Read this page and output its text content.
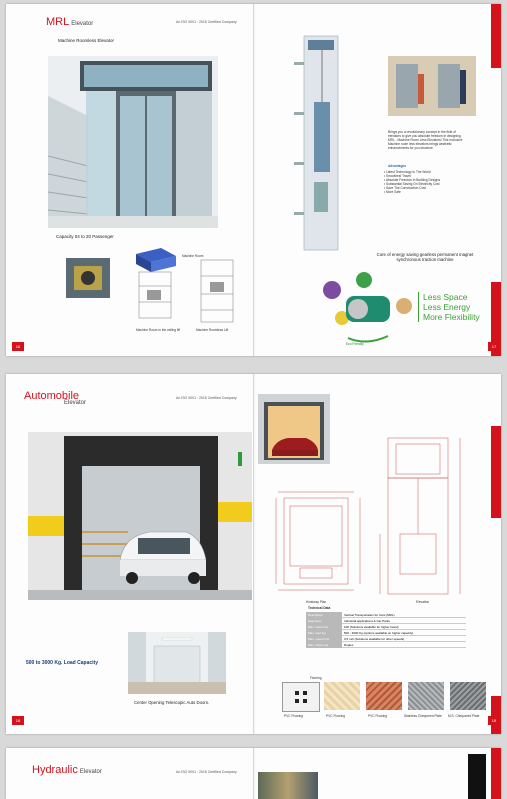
MRL Elevator	An ISO 9001 : 2015 Certified Company
Machine Roomless Elevator
Capacity 04 to 20 Passenger
Machine Room
Machine Room in the ceiling lift	Machine Roomless Lift
16
Brings you a revolutionary concept in the field of elevators to give you absolute freedom in designing. MRL - Machine Room Less Elevators! This exclusive Machine room less elevators brings aesthetic enhancements for you structure.
Advantages
• Latest Technology In The World
• Smoothest Travel
• Absolute Freedom In Building Designs
• Substantial Saving On Electricity Cost
• Save The Construction Cost
• More Safe
Core of energy saving gearless permanent magnet synchronous traction machine
Eco Friendly
Less Space
Less Energy
More Flexibility
17
Automobile
Elevator
An ISO 9001 : 2015 Certified Company
500 to 3000 Kg. Load Capacity
Center Opening Telescopic Auto Doors.
18
Hoistway Plan	Elevation
Technical Data
Description	Vertical Transportation for Cars (MRL)
Segments	Industrial applications & Car Parks
Max. travel Hts	100 (Solutions available for higher travel)
Max. load Kg	500 - 3000 Kg (options available on higher capacity)
Max. speed m/s	0.5 m/s (Solutions available for other speeds)
Max. stops nos	Duplex
Flooring
PVC Flooring	PVC Flooring	PVC Flooring	Stainless Chequered Plate	M.S. Chequered Plate
19
Hydraulic Elevator	An ISO 9001 : 2015 Certified Company
